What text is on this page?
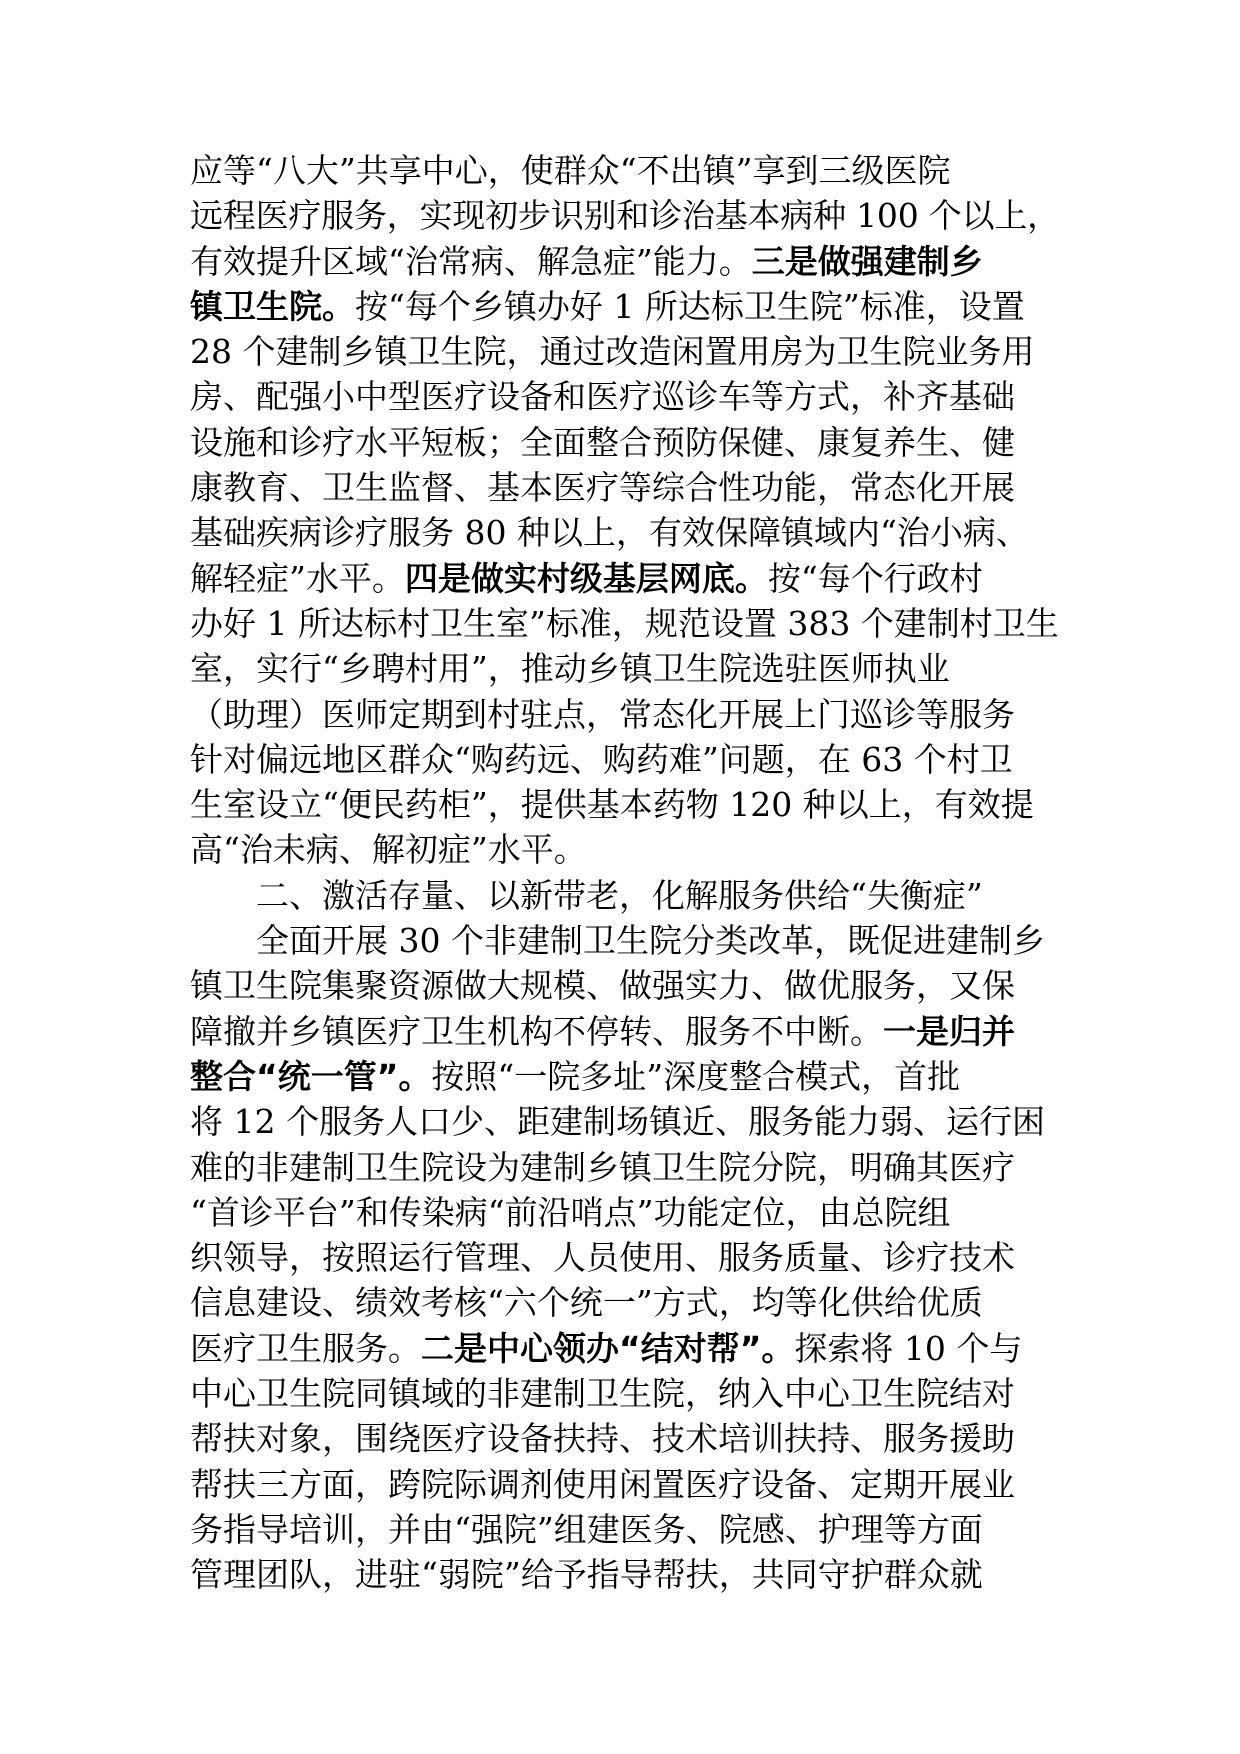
应等“八大”共享中心，使群众“不出镇”享到三级医院
远程医疗服务，实现初步识别和诊治基本病种 100 个以上，
有效提升区域“治常病、解急症”能力。三是做强建制乡
镇卫生院。按“每个乡镇办好 1 所达标卫生院”标准，设置
28 个建制乡镇卫生院，通过改造闲置用房为卫生院业务用
房、配强小中型医疗设备和医疗巡诊车等方式，补齐基础
设施和诊疗水平短板；全面整合预防保健、康复养生、健
康教育、卫生监督、基本医疗等综合性功能，常态化开展
基础疾病诊疗服务 80 种以上，有效保障镇域内“治小病、
解轻症”水平。四是做实村级基层网底。按“每个行政村
办好 1 所达标村卫生室”标准，规范设置 383 个建制村卫生
室，实行“乡聘村用”，推动乡镇卫生院选驻医师执业
（助理）医师定期到村驻点，常态化开展上门巡诊等服务
针对偏远地区群众“购药远、购药难”问题，在 63 个村卫
生室设立“便民药柜”，提供基本药物 120 种以上，有效提
高“治未病、解初症”水平。
　　二、激活存量、以新带老，化解服务供给“失衡症”
　　全面开展 30 个非建制卫生院分类改革，既促进建制乡
镇卫生院集聚资源做大规模、做强实力、做优服务，又保
障撤并乡镇医疗卫生机构不停转、服务不中断。一是归并
整合“统一管”。按照“一院多址”深度整合模式，首批
将 12 个服务人口少、距建制场镇近、服务能力弱、运行困
难的非建制卫生院设为建制乡镇卫生院分院，明确其医疗
“首诊平台”和传染病“前沿哨点”功能定位，由总院组
织领导，按照运行管理、人员使用、服务质量、诊疗技术
信息建设、绩效考核“六个统一”方式，均等化供给优质
医疗卫生服务。二是中心领办“结对帮”。探索将 10 个与
中心卫生院同镇域的非建制卫生院，纳入中心卫生院结对
帮扶对象，围绕医疗设备扶持、技术培训扶持、服务援助
帮扶三方面，跨院际调剂使用闲置医疗设备、定期开展业
务指导培训，并由“强院”组建医务、院感、护理等方面
管理团队，进驻“弱院”给予指导帮扶，共同守护群众就
